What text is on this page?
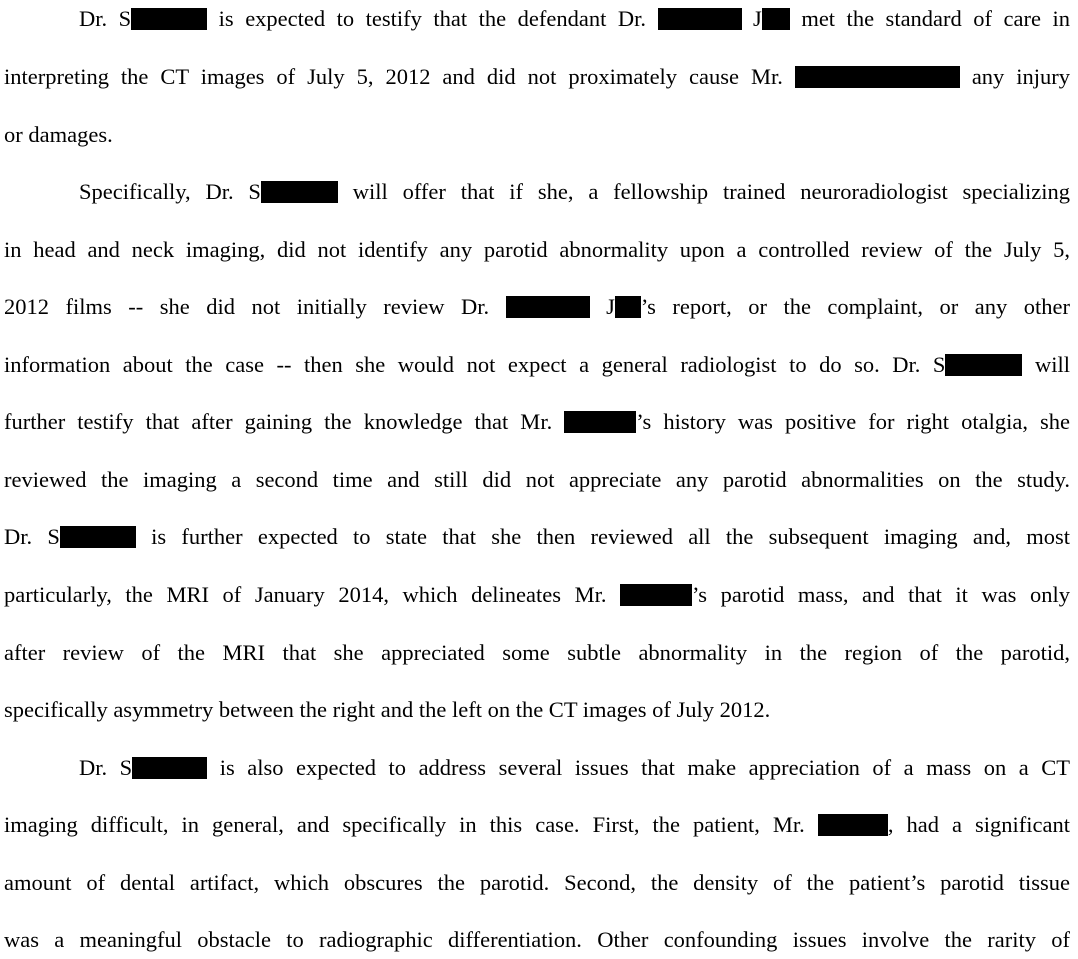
Dr. S	is expected to testify that the defendant Dr.	J met the standard of care in
interpreting the CT images of July 5, 2012 and did not proximately cause Mr.	any injury
or damages.
Specifically, Dr. S	will offer that if she, a fellowship trained neuroradiologist specializing
in head and neck imaging, did not identify any parotid abnormality upon a controlled review of the July 5,
2012 films -- she did not initially review Dr.	J ’s report, or the complaint, or any other
information about the case -- then she would not expect a general radiologist to do so. Dr. S	will
further testify that after gaining the knowledge that Mr.	’s history was positive for right otalgia, she
reviewed the imaging a second time and still did not appreciate any parotid abnormalities on the study.
Dr. S	is further expected to state that she then reviewed all the subsequent imaging and, most
particularly, the MRI of January 2014, which delineates Mr.	’s parotid mass, and that it was only
after review of the MRI that she appreciated some subtle abnormality in the region of the parotid,
specifically asymmetry between the right and the left on the CT images of July 2012.
Dr. S	is also expected to address several issues that make appreciation of a mass on a CT
imaging difficult, in general, and specifically in this case. First, the patient, Mr.	, had a significant
amount of dental artifact, which obscures the parotid. Second, the density of the patient’s parotid tissue
was a meaningful obstacle to radiographic differentiation. Other confounding issues involve the rarity of
